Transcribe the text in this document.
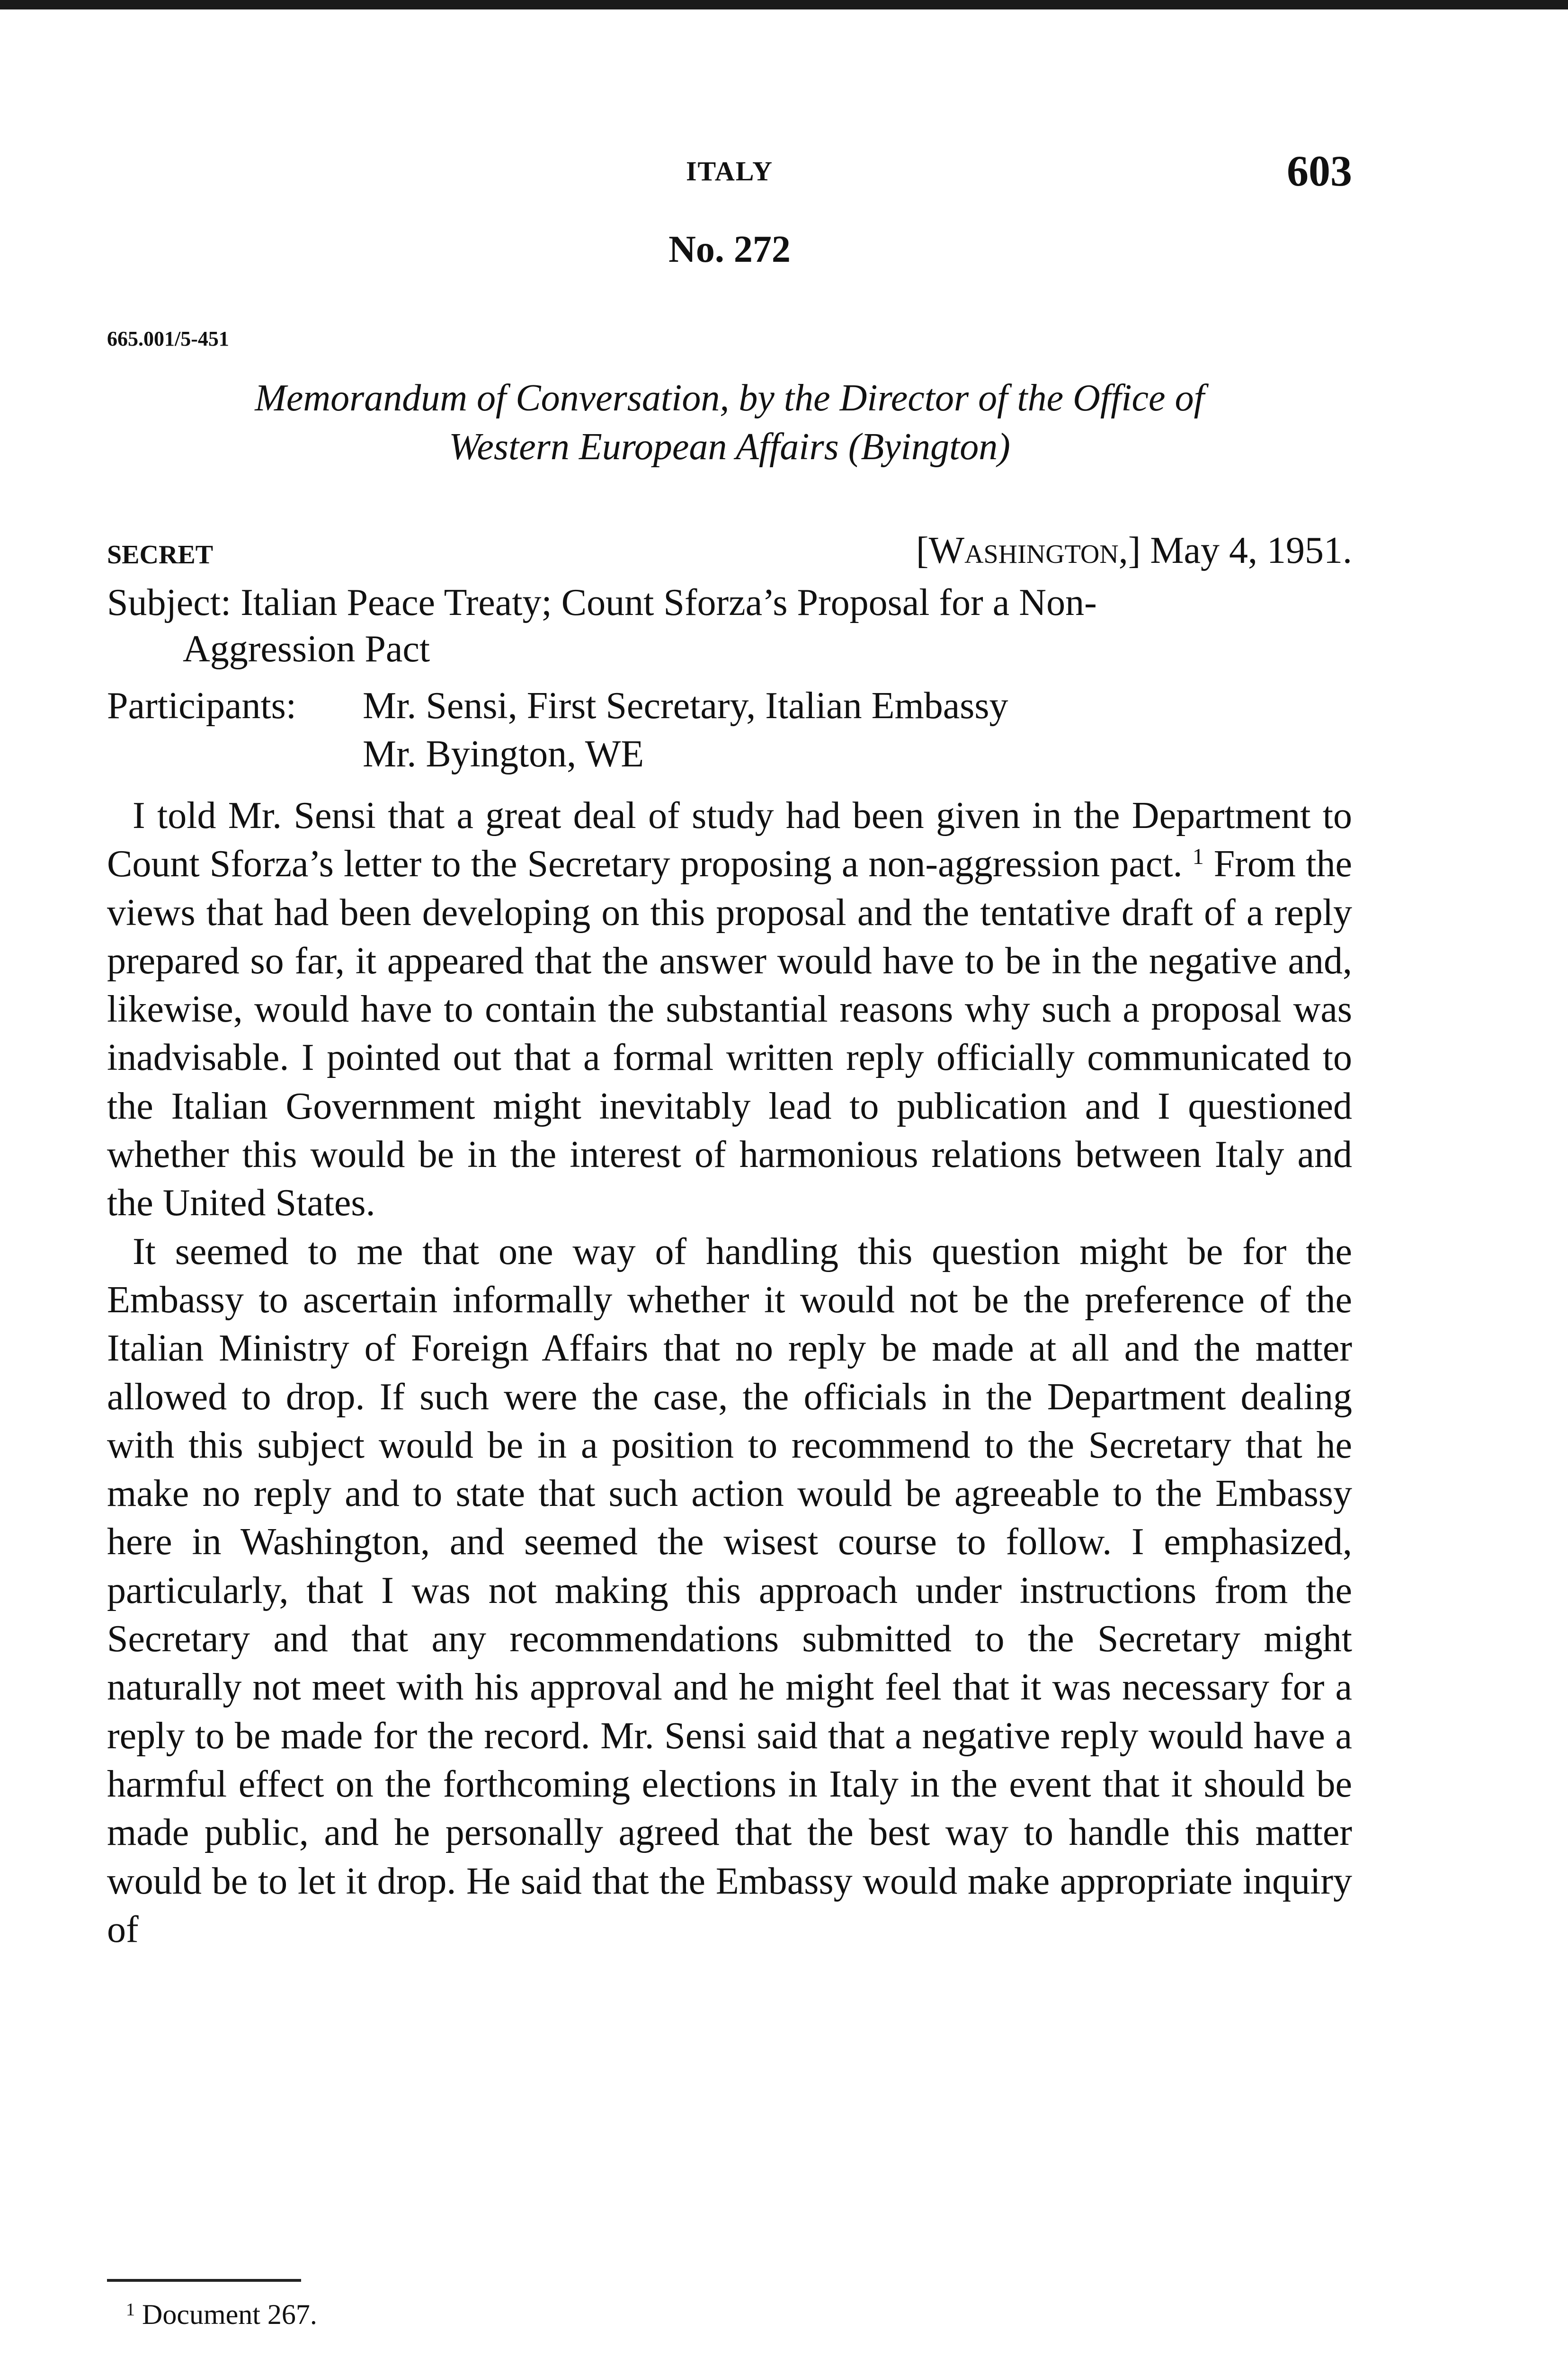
ITALY	603
No. 272
665.001/5-451
Memorandum of Conversation, by the Director of the Office of
Western European Affairs (Byington)
SECRET	[Washington,] May 4, 1951.
Subject: Italian Peace Treaty; Count Sforza’s Proposal for a Non-
Aggression Pact
Participants:	Mr. Sensi, First Secretary, Italian Embassy
Mr. Byington, WE

I told Mr. Sensi that a great deal of study had been given in the Department to Count Sforza’s letter to the Secretary proposing a non-aggression pact. $^1$ From the views that had been developing on this proposal and the tentative draft of a reply prepared so far, it appeared that the answer would have to be in the negative and, likewise, would have to contain the substantial reasons why such a proposal was inadvisable. I pointed out that a formal written reply officially communicated to the Italian Government might inevitably lead to publication and I questioned whether this would be in the interest of harmonious relations between Italy and the United States.

It seemed to me that one way of handling this question might be for the Embassy to ascertain informally whether it would not be the preference of the Italian Ministry of Foreign Affairs that no reply be made at all and the matter allowed to drop. If such were the case, the officials in the Department dealing with this subject would be in a position to recommend to the Secretary that he make no reply and to state that such action would be agreeable to the Embassy here in Washington, and seemed the wisest course to follow. I emphasized, particularly, that I was not making this approach under instructions from the Secretary and that any recommendations submitted to the Secretary might naturally not meet with his approval and he might feel that it was necessary for a reply to be made for the record. Mr. Sensi said that a negative reply would have a harmful effect on the forthcoming elections in Italy in the event that it should be made public, and he personally agreed that the best way to handle this matter would be to let it drop. He said that the Embassy would make appropriate inquiry of

$^1$ Document 267.
